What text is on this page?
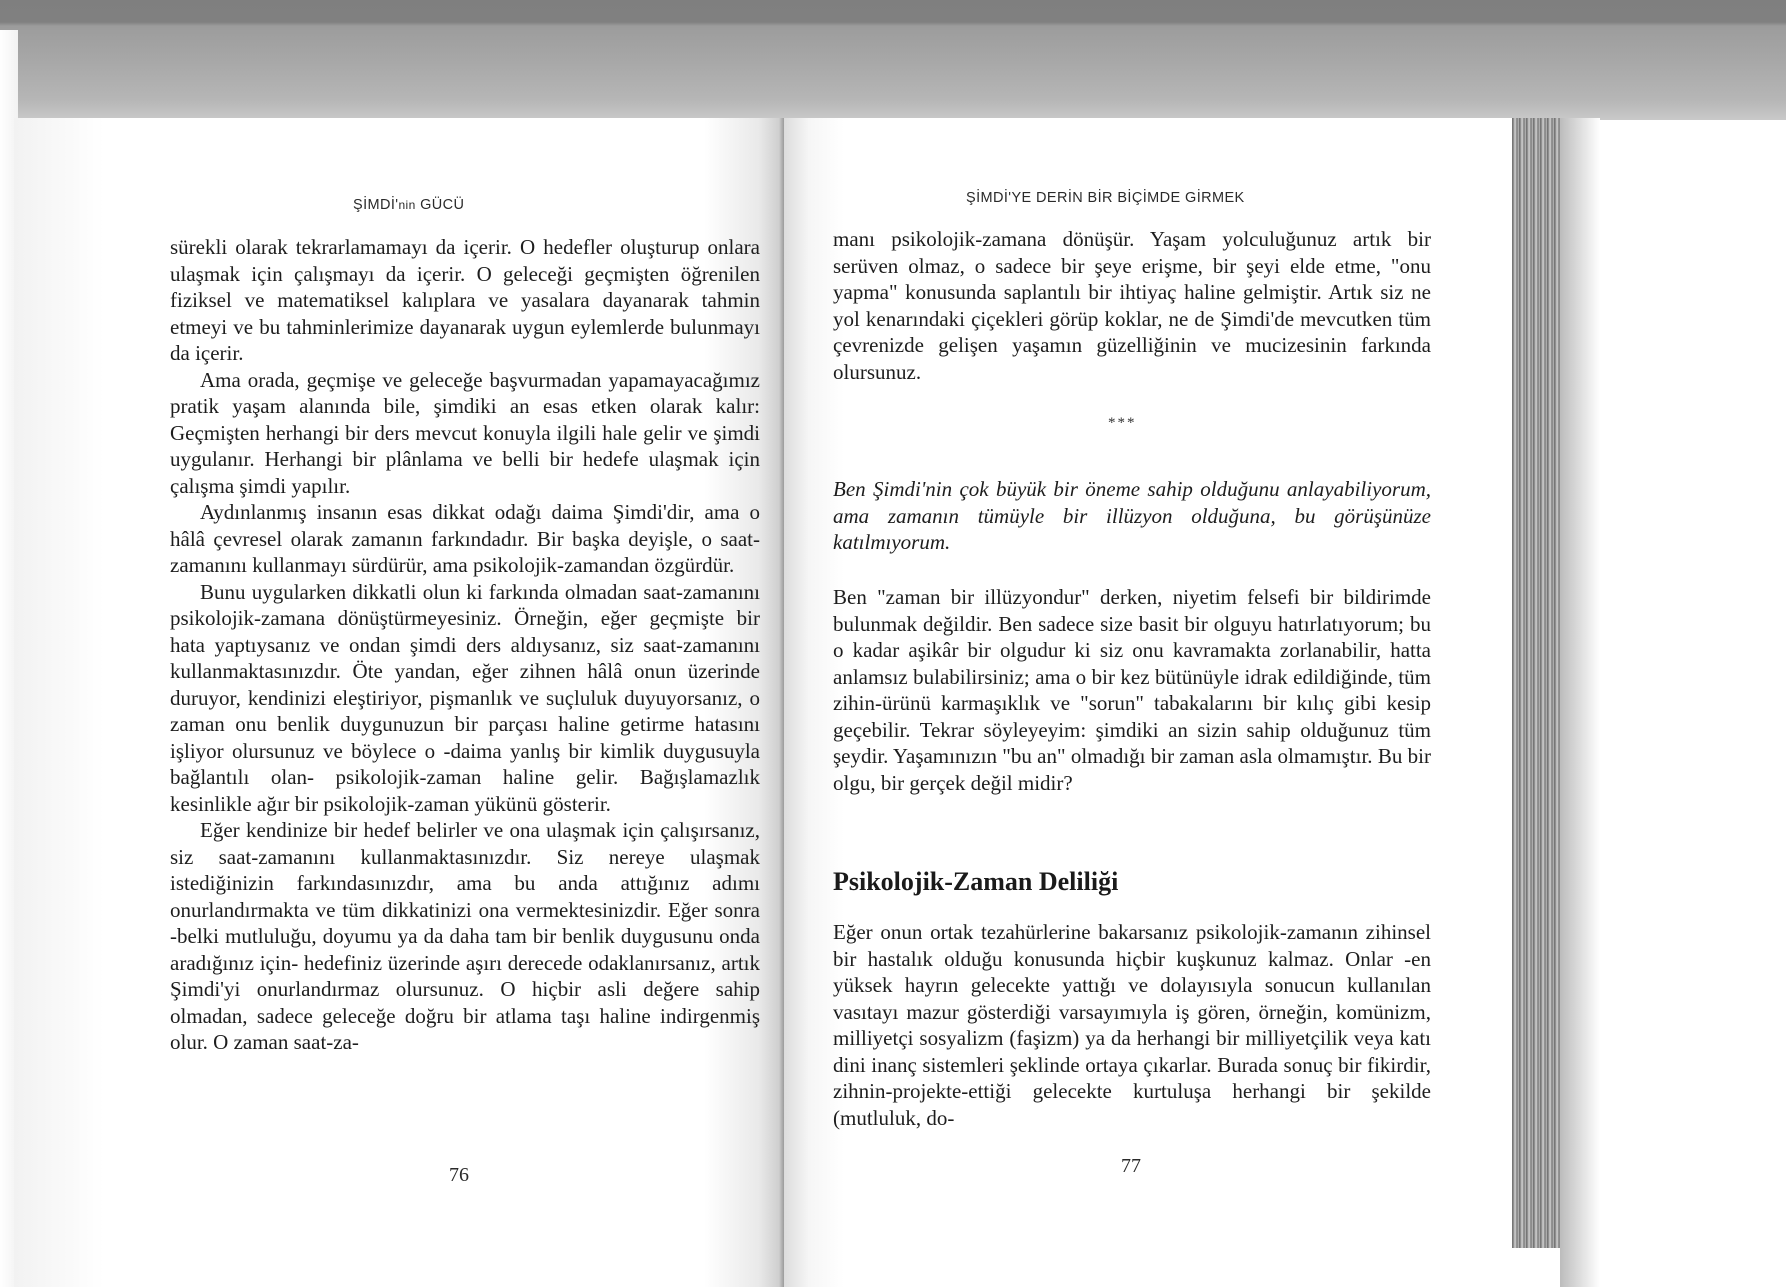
ŞİMDİ'nin GÜCÜ

sürekli olarak tekrarlamamayı da içerir. O hedefler oluşturup onlara ulaşmak için çalışmayı da içerir. O geleceği geçmişten öğrenilen fiziksel ve matematiksel kalıplara ve yasalara dayanarak tahmin etmeyi ve bu tahminlerimize dayanarak uygun eylemlerde bulunmayı da içerir.

Ama orada, geçmişe ve geleceğe başvurmadan yapamayacağımız pratik yaşam alanında bile, şimdiki an esas etken olarak kalır: Geçmişten herhangi bir ders mevcut konuyla ilgili hale gelir ve şimdi uygulanır. Herhangi bir plânlama ve belli bir hedefe ulaşmak için çalışma şimdi yapılır.

Aydınlanmış insanın esas dikkat odağı daima Şimdi'dir, ama o hâlâ çevresel olarak zamanın farkındadır. Bir başka deyişle, o saat-zamanını kullanmayı sürdürür, ama psikolojik-zamandan özgürdür.

Bunu uygularken dikkatli olun ki farkında olmadan saat-zamanını psikolojik-zamana dönüştürmeyesiniz. Örneğin, eğer geçmişte bir hata yaptıysanız ve ondan şimdi ders aldıysanız, siz saat-zamanını kullanmaktasınızdır. Öte yandan, eğer zihnen hâlâ onun üzerinde duruyor, kendinizi eleştiriyor, pişmanlık ve suçluluk duyuyorsanız, o zaman onu benlik duygunuzun bir parçası haline getirme hatasını işliyor olursunuz ve böylece o -daima yanlış bir kimlik duygusuyla bağlantılı olan- psikolojik-zaman haline gelir. Bağışlamazlık kesinlikle ağır bir psikolojik-zaman yükünü gösterir.

Eğer kendinize bir hedef belirler ve ona ulaşmak için çalışırsanız, siz saat-zamanını kullanmaktasınızdır. Siz nereye ulaşmak istediğinizin farkındasınızdır, ama bu anda attığınız adımı onurlandırmakta ve tüm dikkatinizi ona vermektesinizdir. Eğer sonra -belki mutluluğu, doyumu ya da daha tam bir benlik duygusunu onda aradığınız için- hedefiniz üzerinde aşırı derecede odaklanırsanız, artık Şimdi'yi onurlandırmaz olursunuz. O hiçbir asli değere sahip olmadan, sadece geleceğe doğru bir atlama taşı haline indirgenmiş olur. O zaman saat-za-

76
ŞİMDİ'YE DERİN BİR BİÇİMDE GİRMEK

manı psikolojik-zamana dönüşür. Yaşam yolculuğunuz artık bir serüven olmaz, o sadece bir şeye erişme, bir şeyi elde etme, "onu yapma" konusunda saplantılı bir ihtiyaç haline gelmiştir. Artık siz ne yol kenarındaki çiçekleri görüp koklar, ne de Şimdi'de mevcutken tüm çevrenizde gelişen yaşamın güzelliğinin ve mucizesinin farkında olursunuz.

***

Ben Şimdi'nin çok büyük bir öneme sahip olduğunu anlayabiliyorum, ama zamanın tümüyle bir illüzyon olduğuna, bu görüşünüze katılmıyorum.

Ben "zaman bir illüzyondur" derken, niyetim felsefi bir bildirimde bulunmak değildir. Ben sadece size basit bir olguyu hatırlatıyorum; bu o kadar aşikâr bir olgudur ki siz onu kavramakta zorlanabilir, hatta anlamsız bulabilirsiniz; ama o bir kez bütünüyle idrak edildiğinde, tüm zihin-ürünü karmaşıklık ve "sorun" tabakalarını bir kılıç gibi kesip geçebilir. Tekrar söyleyeyim: şimdiki an sizin sahip olduğunuz tüm şeydir. Yaşamınızın "bu an" olmadığı bir zaman asla olmamıştır. Bu bir olgu, bir gerçek değil midir?

Psikolojik-Zaman Deliliği

Eğer onun ortak tezahürlerine bakarsanız psikolojik-zamanın zihinsel bir hastalık olduğu konusunda hiçbir kuşkunuz kalmaz. Onlar -en yüksek hayrın gelecekte yattığı ve dolayısıyla sonucun kullanılan vasıtayı mazur gösterdiği varsayımıyla iş gören, örneğin, komünizm, milliyetçi sosyalizm (faşizm) ya da herhangi bir milliyetçilik veya katı dini inanç sistemleri şeklinde ortaya çıkarlar. Burada sonuç bir fikirdir, zihnin-projekte-ettiği gelecekte kurtuluşa herhangi bir şekilde (mutluluk, do-

77
